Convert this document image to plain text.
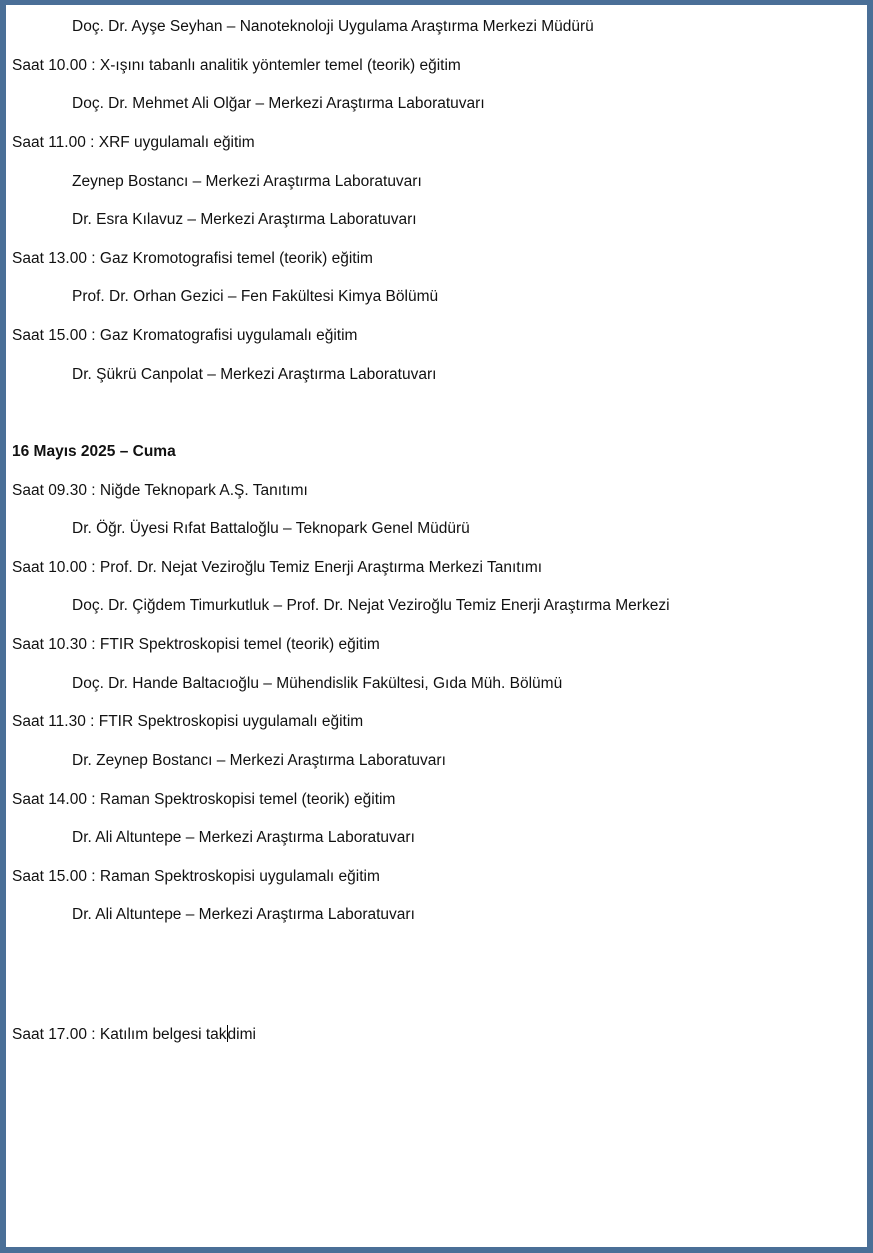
Doç. Dr. Ayşe Seyhan – Nanoteknoloji Uygulama Araştırma Merkezi Müdürü
Saat 10.00 : X-ışını tabanlı analitik yöntemler temel (teorik) eğitim
Doç. Dr. Mehmet Ali Olğar – Merkezi Araştırma Laboratuvarı
Saat 11.00 : XRF uygulamalı eğitim
Zeynep Bostancı – Merkezi Araştırma Laboratuvarı
Dr. Esra Kılavuz – Merkezi Araştırma Laboratuvarı
Saat 13.00 : Gaz Kromotografisi temel (teorik) eğitim
Prof. Dr. Orhan Gezici – Fen Fakültesi Kimya Bölümü
Saat 15.00 : Gaz Kromatografisi uygulamalı eğitim
Dr. Şükrü Canpolat – Merkezi Araştırma Laboratuvarı
16 Mayıs 2025 – Cuma
Saat 09.30 : Niğde Teknopark A.Ş. Tanıtımı
Dr. Öğr. Üyesi Rıfat Battaloğlu – Teknopark Genel Müdürü
Saat 10.00 : Prof. Dr. Nejat Veziroğlu Temiz Enerji Araştırma Merkezi Tanıtımı
Doç. Dr. Çiğdem Timurkutluk – Prof. Dr. Nejat Veziroğlu Temiz Enerji Araştırma Merkezi
Saat 10.30 : FTIR Spektroskopisi temel (teorik) eğitim
Doç. Dr. Hande Baltacıoğlu – Mühendislik Fakültesi, Gıda Müh. Bölümü
Saat 11.30 : FTIR Spektroskopisi uygulamalı eğitim
Dr. Zeynep Bostancı – Merkezi Araştırma Laboratuvarı
Saat 14.00 : Raman Spektroskopisi temel (teorik) eğitim
Dr. Ali Altuntepe – Merkezi Araştırma Laboratuvarı
Saat 15.00 : Raman Spektroskopisi uygulamalı eğitim
Dr. Ali Altuntepe – Merkezi Araştırma Laboratuvarı
Saat 17.00 : Katılım belgesi takdimi
